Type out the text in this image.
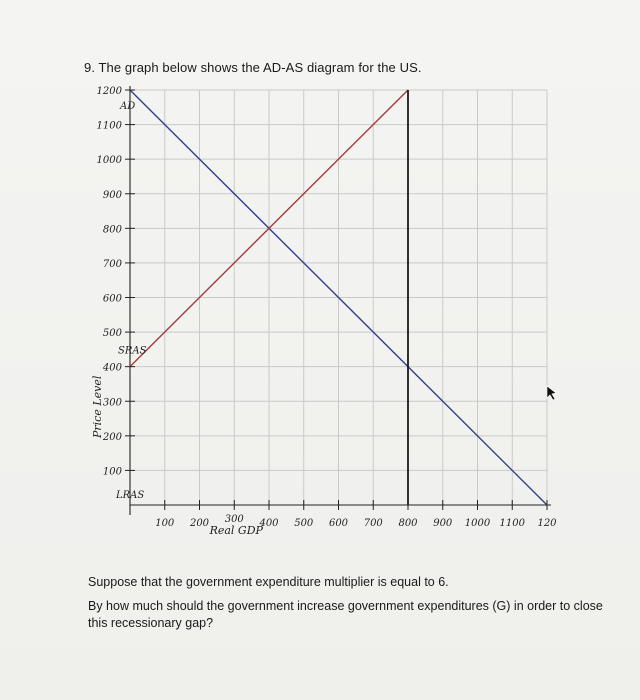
9. The graph below shows the AD-AS diagram for the US.
1200
1100
1000
900
800
700
600
500
400
300
200
100
100 200 300 400 500 600 700 800 900 1000 1100 120
Real GDP
Price Level
AD
SRAS
LRAS
Suppose that the government expenditure multiplier is equal to 6.
By how much should the government increase government expenditures (G) in order to close this recessionary gap?
